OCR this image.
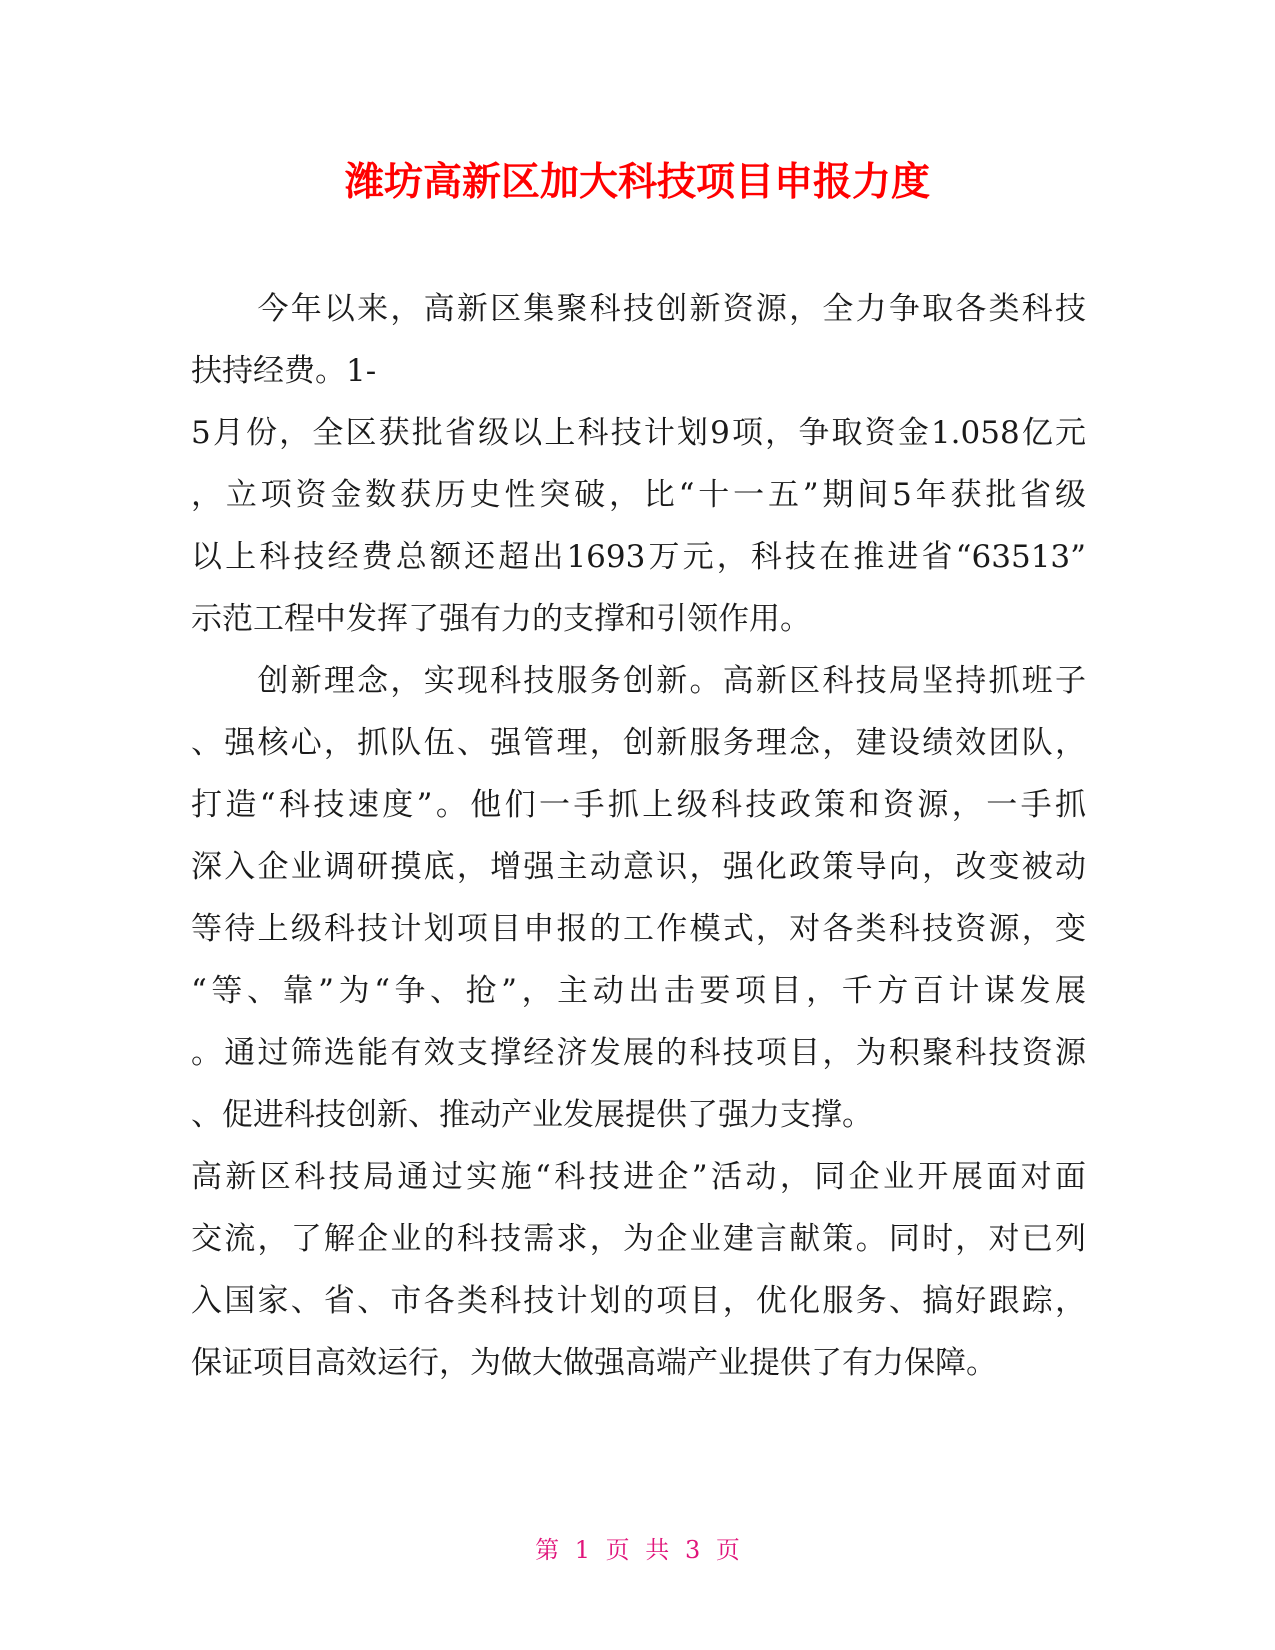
潍坊高新区加大科技项目申报力度
　　今年以来，高新区集聚科技创新资源，全力争取各类科技
扶持经费。1-
5月份，全区获批省级以上科技计划9项，争取资金1.058亿元
，立项资金数获历史性突破，比“十一五”期间5年获批省级
以上科技经费总额还超出1693万元，科技在推进省“63513”
示范工程中发挥了强有力的支撑和引领作用。
　　创新理念，实现科技服务创新。高新区科技局坚持抓班子
、强核心，抓队伍、强管理，创新服务理念，建设绩效团队，
打造“科技速度”。他们一手抓上级科技政策和资源，一手抓
深入企业调研摸底，增强主动意识，强化政策导向，改变被动
等待上级科技计划项目申报的工作模式，对各类科技资源，变
“等、靠”为“争、抢”，主动出击要项目，千方百计谋发展
。通过筛选能有效支撑经济发展的科技项目，为积聚科技资源
、促进科技创新、推动产业发展提供了强力支撑。
高新区科技局通过实施“科技进企”活动，同企业开展面对面
交流，了解企业的科技需求，为企业建言献策。同时，对已列
入国家、省、市各类科技计划的项目，优化服务、搞好跟踪，
保证项目高效运行，为做大做强高端产业提供了有力保障。
第 1 页 共 3 页
